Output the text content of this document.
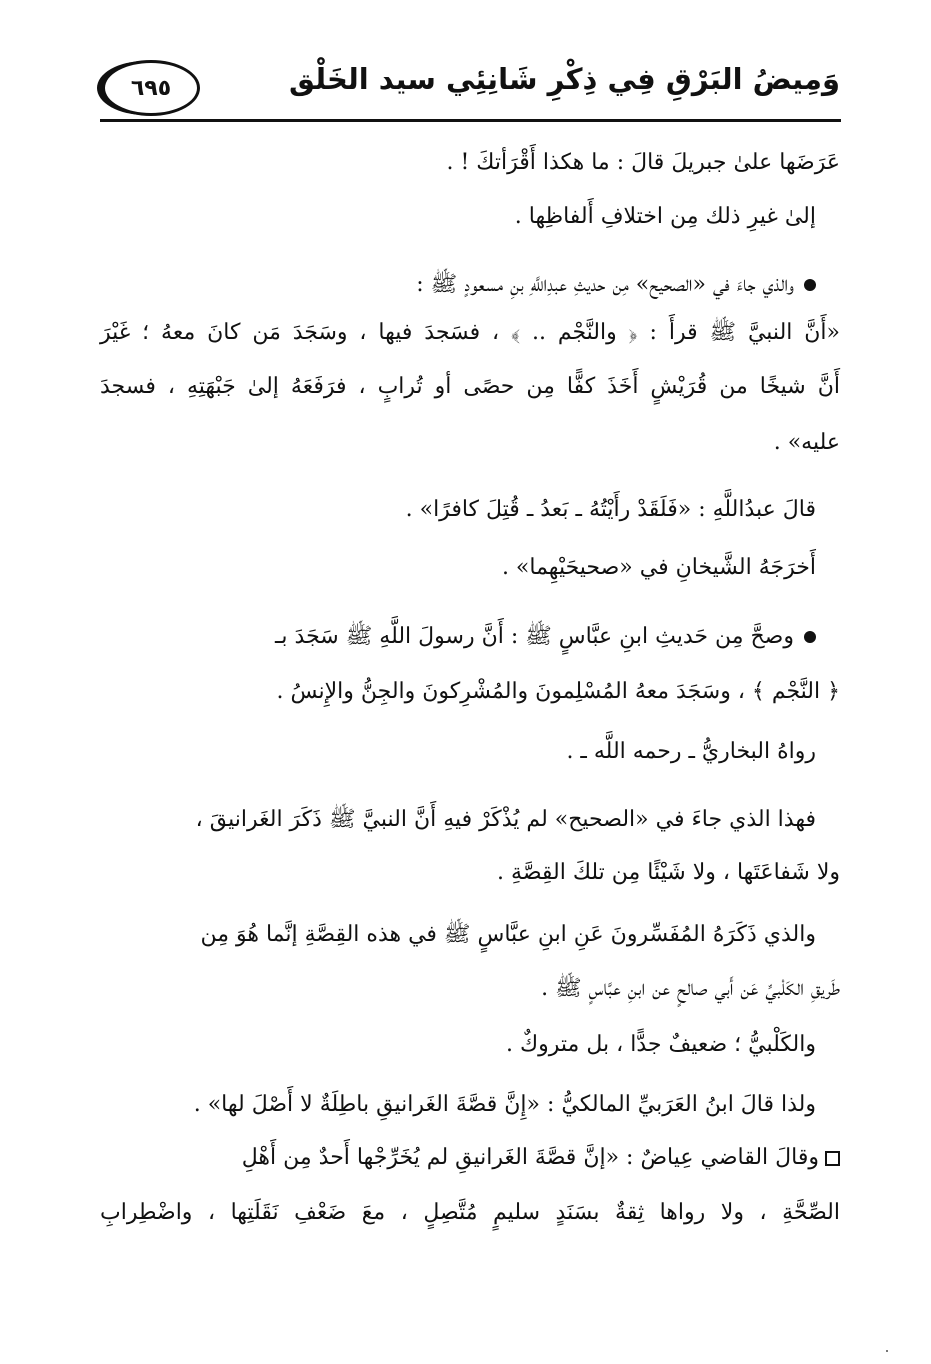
٦٩٥	وَمِيضُ البَرْقِ فِي ذِكْرِ شَانِئِي سيد الخَلْق
عَرَضَها علىٰ جبريلَ قالَ : ما هكذا أَقْرَأتكَ ! .
إلىٰ غيرِ ذلك مِن اختلافِ أَلفاظِها .
والذي جاءَ في «الصحيح» مِن حديثِ عبدِاللَّهِ بنِ مسعودٍ ﷺ :
«أَنَّ النبيَّ ﷺ قرأَ : ﴿ والنَّجْم .. ﴾ ، فسَجدَ فيها ، وسَجَدَ مَن كانَ معهُ ؛ غَيْرَ
أَنَّ شيخًا من قُرَيْشٍ أَخَذَ كفًّا مِن حصًى أو تُرابٍ ، فرَفَعَهُ إلىٰ جَبْهَتِهِ ، فسجدَ
عليه» .
قالَ عبدُاللَّهِ : «فَلَقَدْ رأَيْتُهُ ـ بَعدُ ـ قُتِلَ كافرًا» .
أَخرَجَهُ الشَّيخانِ في «صحيحَيْهِما» .
وصحَّ مِن حَديثِ ابنِ عبَّاسٍ ﷺ : أَنَّ رسولَ اللَّهِ ﷺ سَجَدَ بـ
﴿ النَّجْم ﴾ ، وسَجَدَ معهُ المُسْلِمونَ والمُشْرِكونَ والجِنُّ والإِنسُ .
رواهُ البخاريُّ ـ رحمه اللَّه ـ .
فهذا الذي جاءَ في «الصحيح» لم يُذْكَرْ فيهِ أَنَّ النبيَّ ﷺ ذَكَرَ الغَرانيقَ ،
ولا شَفاعَتَها ، ولا شَيْئًا مِن تلكَ القِصَّةِ .
والذي ذَكَرَهُ المُفَسِّرونَ عَنِ ابنِ عبَّاسٍ ﷺ في هذه القِصَّةِ إنَّما هُوَ مِن
طَريقِ الكَلْبيِّ عَن أَبي صالحٍ عن ابنِ عبَّاسٍ ﷺ .
والكَلْبيُّ ؛ ضعيفٌ جدًّا ، بل متروكٌ .
ولذا قالَ ابنُ العَرَبيِّ المالكيُّ : «إِنَّ قصَّةَ الغَرانيقِ باطِلَةٌ لا أَصْلَ لها» .
وقالَ القاضي عِياضٌ : «إنَّ قصَّةَ الغَرانيقِ لم يُخَرِّجْها أَحدٌ مِن أَهْلِ
الصِّحَّةِ ، ولا رواها ثِقةٌ بسَنَدٍ سليمٍ مُتَّصِلٍ ، معَ ضَعْفِ نَقَلَتِها ، واضْطِرابِ
